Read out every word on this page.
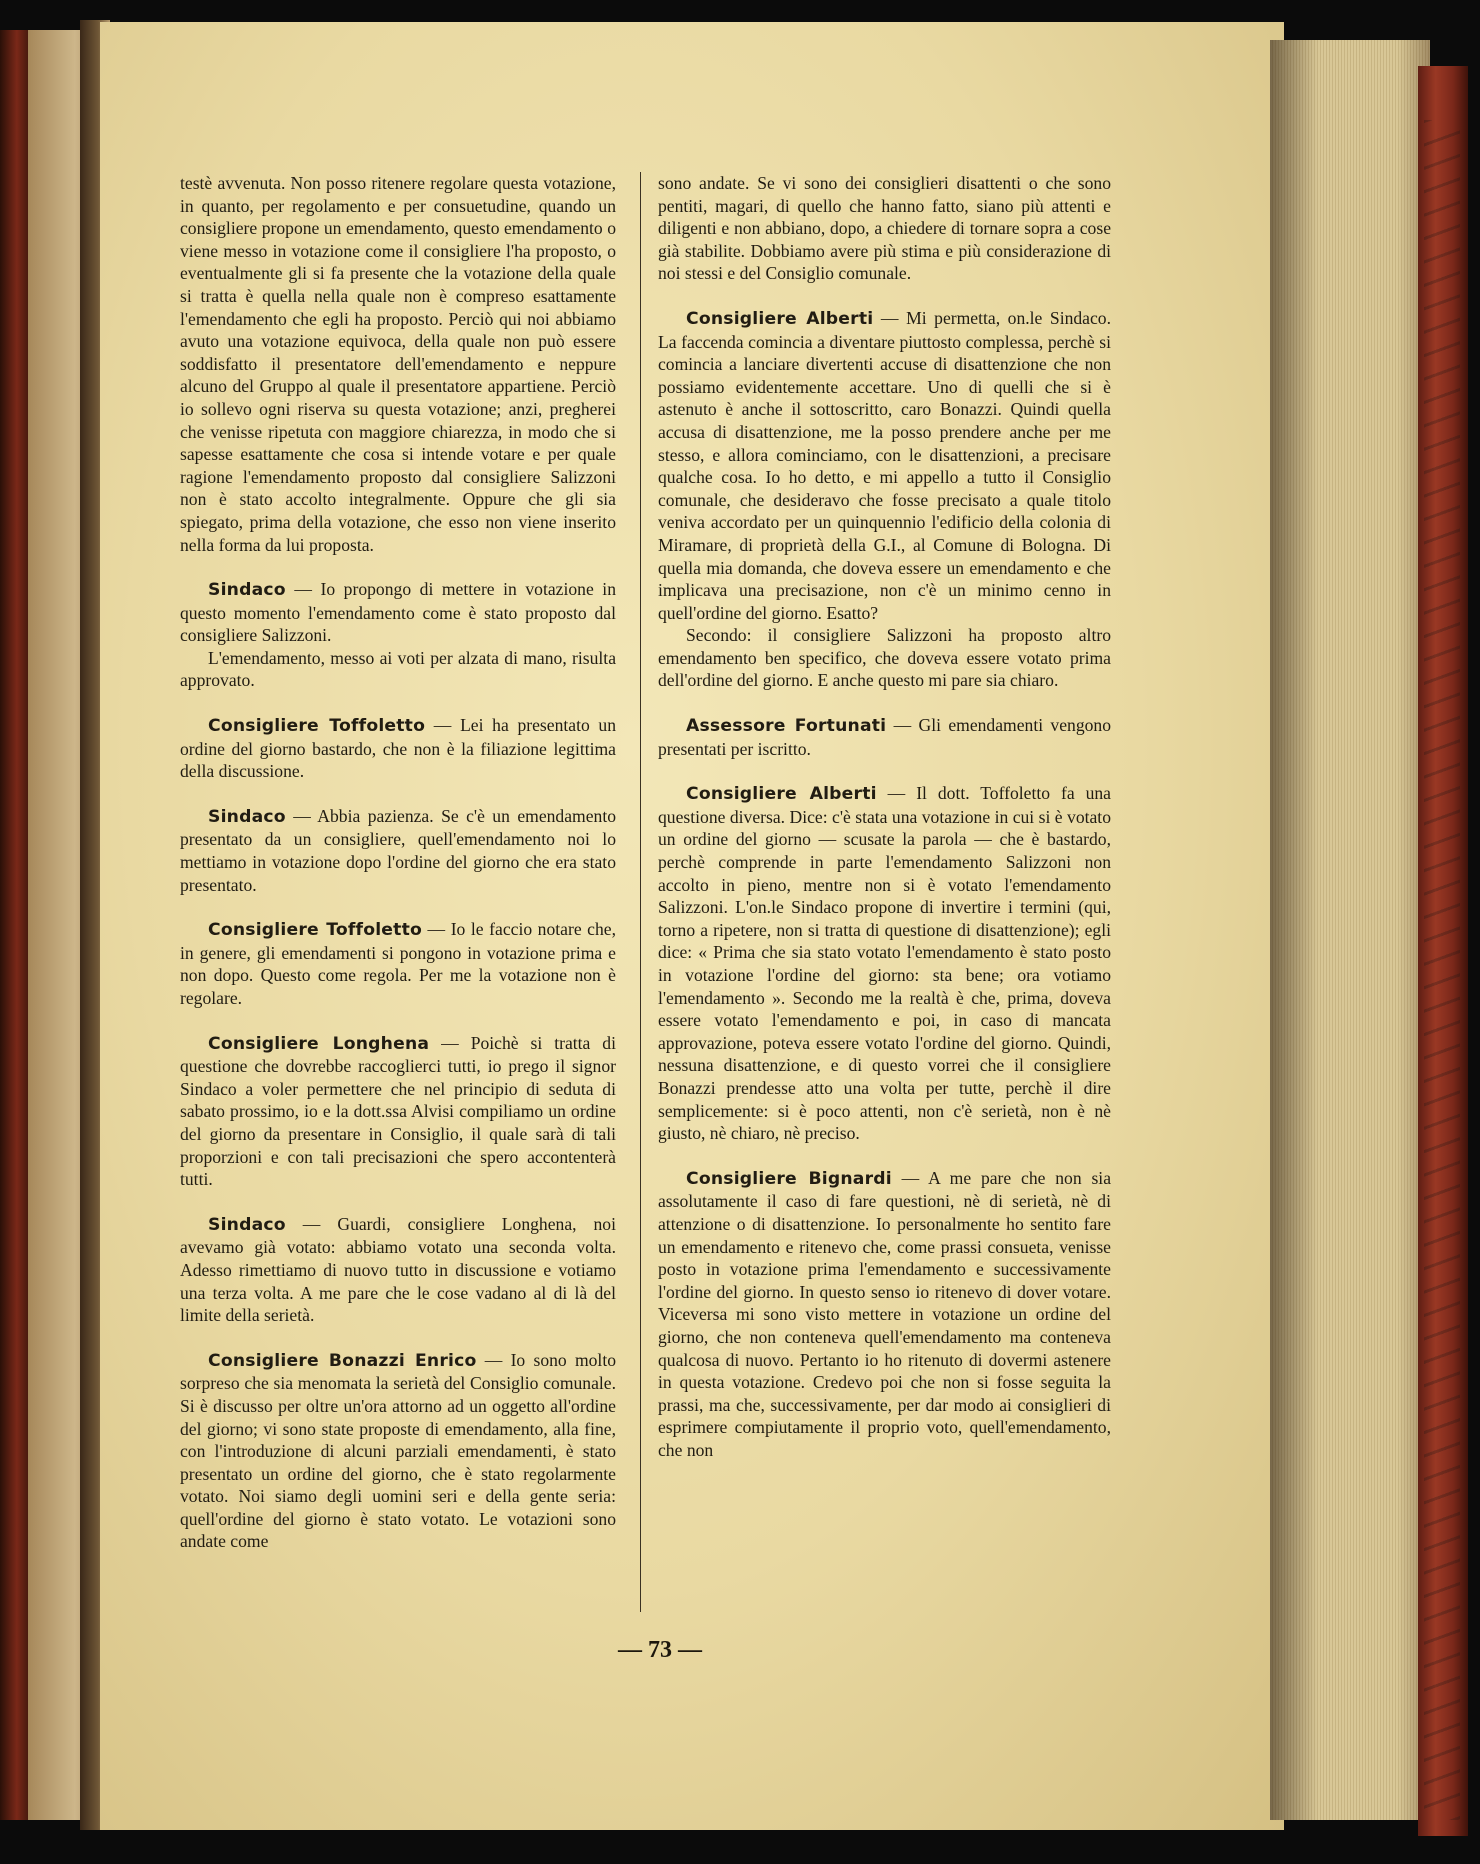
testè avvenuta. Non posso ritenere regolare questa votazione, in quanto, per regolamento e per consuetudine, quando un consigliere propone un emendamento, questo emendamento o viene messo in votazione come il consigliere l'ha proposto, o eventualmente gli si fa presente che la votazione della quale si tratta è quella nella quale non è compreso esattamente l'emendamento che egli ha proposto. Perciò qui noi abbiamo avuto una votazione equivoca, della quale non può essere soddisfatto il presentatore dell'emendamento e neppure alcuno del Gruppo al quale il presentatore appartiene. Perciò io sollevo ogni riserva su questa votazione; anzi, pregherei che venisse ripetuta con maggiore chiarezza, in modo che si sapesse esattamente che cosa si intende votare e per quale ragione l'emendamento proposto dal consigliere Salizzoni non è stato accolto integralmente. Oppure che gli sia spiegato, prima della votazione, che esso non viene inserito nella forma da lui proposta.

Sindaco — Io propongo di mettere in votazione in questo momento l'emendamento come è stato proposto dal consigliere Salizzoni.

L'emendamento, messo ai voti per alzata di mano, risulta approvato.

Consigliere Toffoletto — Lei ha presentato un ordine del giorno bastardo, che non è la filiazione legittima della discussione.

Sindaco — Abbia pazienza. Se c'è un emendamento presentato da un consigliere, quell'emendamento noi lo mettiamo in votazione dopo l'ordine del giorno che era stato presentato.

Consigliere Toffoletto — Io le faccio notare che, in genere, gli emendamenti si pongono in votazione prima e non dopo. Questo come regola. Per me la votazione non è regolare.

Consigliere Longhena — Poichè si tratta di questione che dovrebbe raccoglierci tutti, io prego il signor Sindaco a voler permettere che nel principio di seduta di sabato prossimo, io e la dott.ssa Alvisi compiliamo un ordine del giorno da presentare in Consiglio, il quale sarà di tali proporzioni e con tali precisazioni che spero accontenterà tutti.

Sindaco — Guardi, consigliere Longhena, noi avevamo già votato: abbiamo votato una seconda volta. Adesso rimettiamo di nuovo tutto in discussione e votiamo una terza volta. A me pare che le cose vadano al di là del limite della serietà.

Consigliere Bonazzi Enrico — Io sono molto sorpreso che sia menomata la serietà del Consiglio comunale. Si è discusso per oltre un'ora attorno ad un oggetto all'ordine del giorno; vi sono state proposte di emendamento, alla fine, con l'introduzione di alcuni parziali emendamenti, è stato presentato un ordine del giorno, che è stato regolarmente votato. Noi siamo degli uomini seri e della gente seria: quell'ordine del giorno è stato votato. Le votazioni sono andate come

sono andate. Se vi sono dei consiglieri disattenti o che sono pentiti, magari, di quello che hanno fatto, siano più attenti e diligenti e non abbiano, dopo, a chiedere di tornare sopra a cose già stabilite. Dobbiamo avere più stima e più considerazione di noi stessi e del Consiglio comunale.

Consigliere Alberti — Mi permetta, on.le Sindaco. La faccenda comincia a diventare piuttosto complessa, perchè si comincia a lanciare divertenti accuse di disattenzione che non possiamo evidentemente accettare. Uno di quelli che si è astenuto è anche il sottoscritto, caro Bonazzi. Quindi quella accusa di disattenzione, me la posso prendere anche per me stesso, e allora cominciamo, con le disattenzioni, a precisare qualche cosa. Io ho detto, e mi appello a tutto il Consiglio comunale, che desideravo che fosse precisato a quale titolo veniva accordato per un quinquennio l'edificio della colonia di Miramare, di proprietà della G.I., al Comune di Bologna. Di quella mia domanda, che doveva essere un emendamento e che implicava una precisazione, non c'è un minimo cenno in quell'ordine del giorno. Esatto?

Secondo: il consigliere Salizzoni ha proposto altro emendamento ben specifico, che doveva essere votato prima dell'ordine del giorno. E anche questo mi pare sia chiaro.

Assessore Fortunati — Gli emendamenti vengono presentati per iscritto.

Consigliere Alberti — Il dott. Toffoletto fa una questione diversa. Dice: c'è stata una votazione in cui si è votato un ordine del giorno — scusate la parola — che è bastardo, perchè comprende in parte l'emendamento Salizzoni non accolto in pieno, mentre non si è votato l'emendamento Salizzoni. L'on.le Sindaco propone di invertire i termini (qui, torno a ripetere, non si tratta di questione di disattenzione); egli dice: « Prima che sia stato votato l'emendamento è stato posto in votazione l'ordine del giorno: sta bene; ora votiamo l'emendamento ». Secondo me la realtà è che, prima, doveva essere votato l'emendamento e poi, in caso di mancata approvazione, poteva essere votato l'ordine del giorno. Quindi, nessuna disattenzione, e di questo vorrei che il consigliere Bonazzi prendesse atto una volta per tutte, perchè il dire semplicemente: si è poco attenti, non c'è serietà, non è nè giusto, nè chiaro, nè preciso.

Consigliere Bignardi — A me pare che non sia assolutamente il caso di fare questioni, nè di serietà, nè di attenzione o di disattenzione. Io personalmente ho sentito fare un emendamento e ritenevo che, come prassi consueta, venisse posto in votazione prima l'emendamento e successivamente l'ordine del giorno. In questo senso io ritenevo di dover votare. Viceversa mi sono visto mettere in votazione un ordine del giorno, che non conteneva quell'emendamento ma conteneva qualcosa di nuovo. Pertanto io ho ritenuto di dovermi astenere in questa votazione. Credevo poi che non si fosse seguita la prassi, ma che, successivamente, per dar modo ai consiglieri di esprimere compiutamente il proprio voto, quell'emendamento, che non

— 73 —
